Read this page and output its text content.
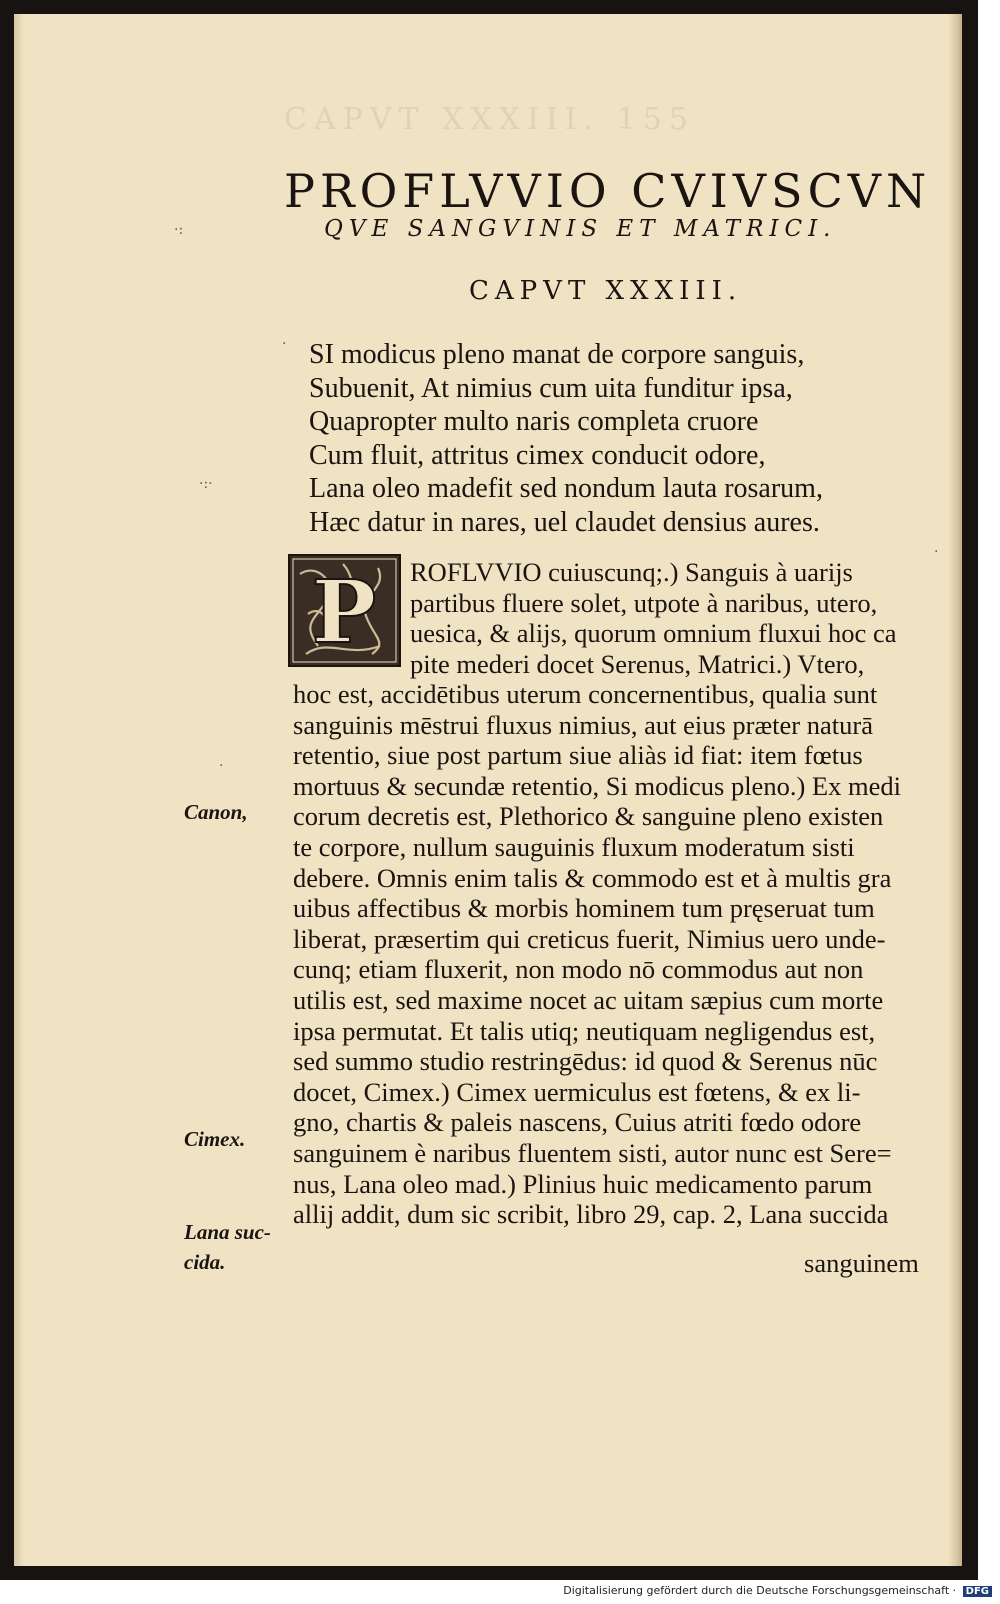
CAPVT XXXIII. 155
PROFLVVIO CVIVSCVN
QVE SANGVINIS ET MATRICI.
CAPVT XXXIII.
SI modicus pleno manat de corpore sanguis,
Subuenit, At nimius cum uita funditur ipsa,
Quapropter multo naris completa cruore
Cum fluit, attritus cimex conducit odore,
Lana oleo madefit sed nondum lauta rosarum,
Hæc datur in nares, uel claudet densius aures.
P ROFLVVIO cuiuscunq;.) Sanguis à uarijs
partibus fluere solet, utpote à naribus, utero,
uesica, & alijs, quorum omnium fluxui hoc ca
pite mederi docet Serenus, Matrici.) Vtero,
hoc est, accidētibus uterum concernentibus, qualia sunt
sanguinis mēstrui fluxus nimius, aut eius præter naturā
retentio, siue post partum siue aliàs id fiat: item fœtus
mortuus & secundæ retentio, Si modicus pleno.) Ex medi
corum decretis est, Plethorico & sanguine pleno existen
te corpore, nullum sauguinis fluxum moderatum sisti
debere. Omnis enim talis & commodo est et à multis gra
uibus affectibus & morbis hominem tum pręseruat tum
liberat, præsertim qui creticus fuerit, Nimius uero unde-
cunq; etiam fluxerit, non modo nō commodus aut non
utilis est, sed maxime nocet ac uitam sæpius cum morte
ipsa permutat. Et talis utiq; neutiquam negligendus est,
sed summo studio restringēdus: id quod & Serenus nūc
docet, Cimex.) Cimex uermiculus est fœtens, & ex li-
gno, chartis & paleis nascens, Cuius atriti fœdo odore
sanguinem è naribus fluentem sisti, autor nunc est Sere=
nus, Lana oleo mad.) Plinius huic medicamento parum
allij addit, dum sic scribit, libro 29, cap. 2, Lana succida
sanguinem
Canon,
Cimex.
Lana suc-
cida.
·:
·:·
·
·
·
Digitalisierung gefördert durch die Deutsche Forschungsgemeinschaft · DFG
